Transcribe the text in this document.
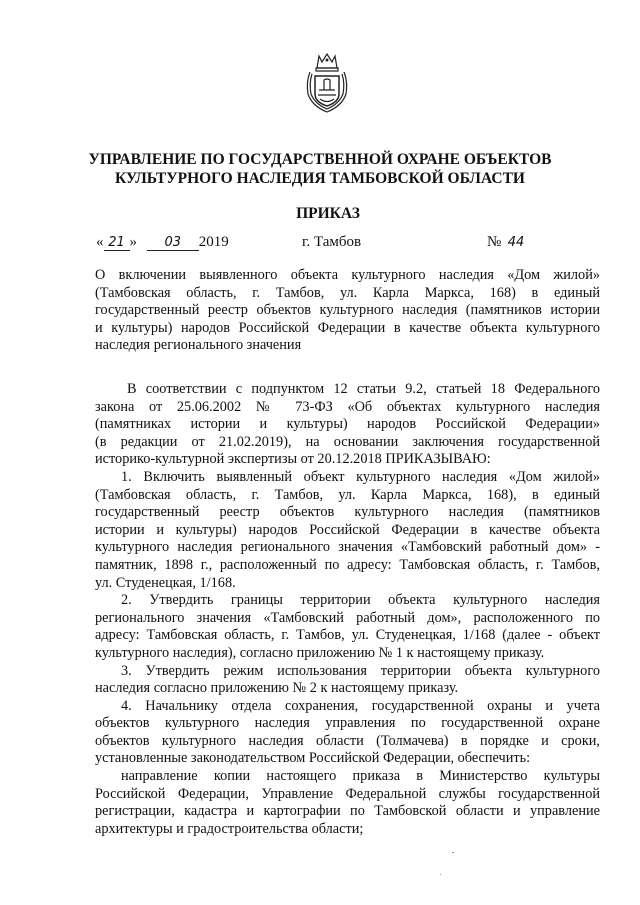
УПРАВЛЕНИЕ ПО ГОСУДАРСТВЕННОЙ ОХРАНЕ ОБЪЕКТОВ
КУЛЬТУРНОГО НАСЛЕДИЯ ТАМБОВСКОЙ ОБЛАСТИ
ПРИКАЗ
« 21 » 03 2019	г. Тамбов	№ 44
О включении выявленного объекта культурного наследия «Дом жилой»
(Тамбовская область, г. Тамбов, ул. Карла Маркса, 168) в единый
государственный реестр объектов культурного наследия (памятников истории
и культуры) народов Российской Федерации в качестве объекта культурного
наследия регионального значения
В соответствии с подпунктом 12 статьи 9.2, статьей 18 Федерального
закона от 25.06.2002 № 73-ФЗ «Об объектах культурного наследия
(памятниках истории и культуры) народов Российской Федерации»
(в редакции от 21.02.2019), на основании заключения государственной
историко-культурной экспертизы от 20.12.2018 ПРИКАЗЫВАЮ:
1. Включить выявленный объект культурного наследия «Дом жилой»
(Тамбовская область, г. Тамбов, ул. Карла Маркса, 168), в единый
государственный реестр объектов культурного наследия (памятников
истории и культуры) народов Российской Федерации в качестве объекта
культурного наследия регионального значения «Тамбовский работный дом» -
памятник, 1898 г., расположенный по адресу: Тамбовская область, г. Тамбов,
ул. Студенецкая, 1/168.
2. Утвердить границы территории объекта культурного наследия
регионального значения «Тамбовский работный дом», расположенного по
адресу: Тамбовская область, г. Тамбов, ул. Студенецкая, 1/168 (далее - объект
культурного наследия), согласно приложению № 1 к настоящему приказу.
3. Утвердить режим использования территории объекта культурного
наследия согласно приложению № 2 к настоящему приказу.
4. Начальнику отдела сохранения, государственной охраны и учета
объектов культурного наследия управления по государственной охране
объектов культурного наследия области (Толмачева) в порядке и сроки,
установленные законодательством Российской Федерации, обеспечить:
направление копии настоящего приказа в Министерство культуры
Российской Федерации, Управление Федеральной службы государственной
регистрации, кадастра и картографии по Тамбовской области и управление
архитектуры и градостроительства области;
